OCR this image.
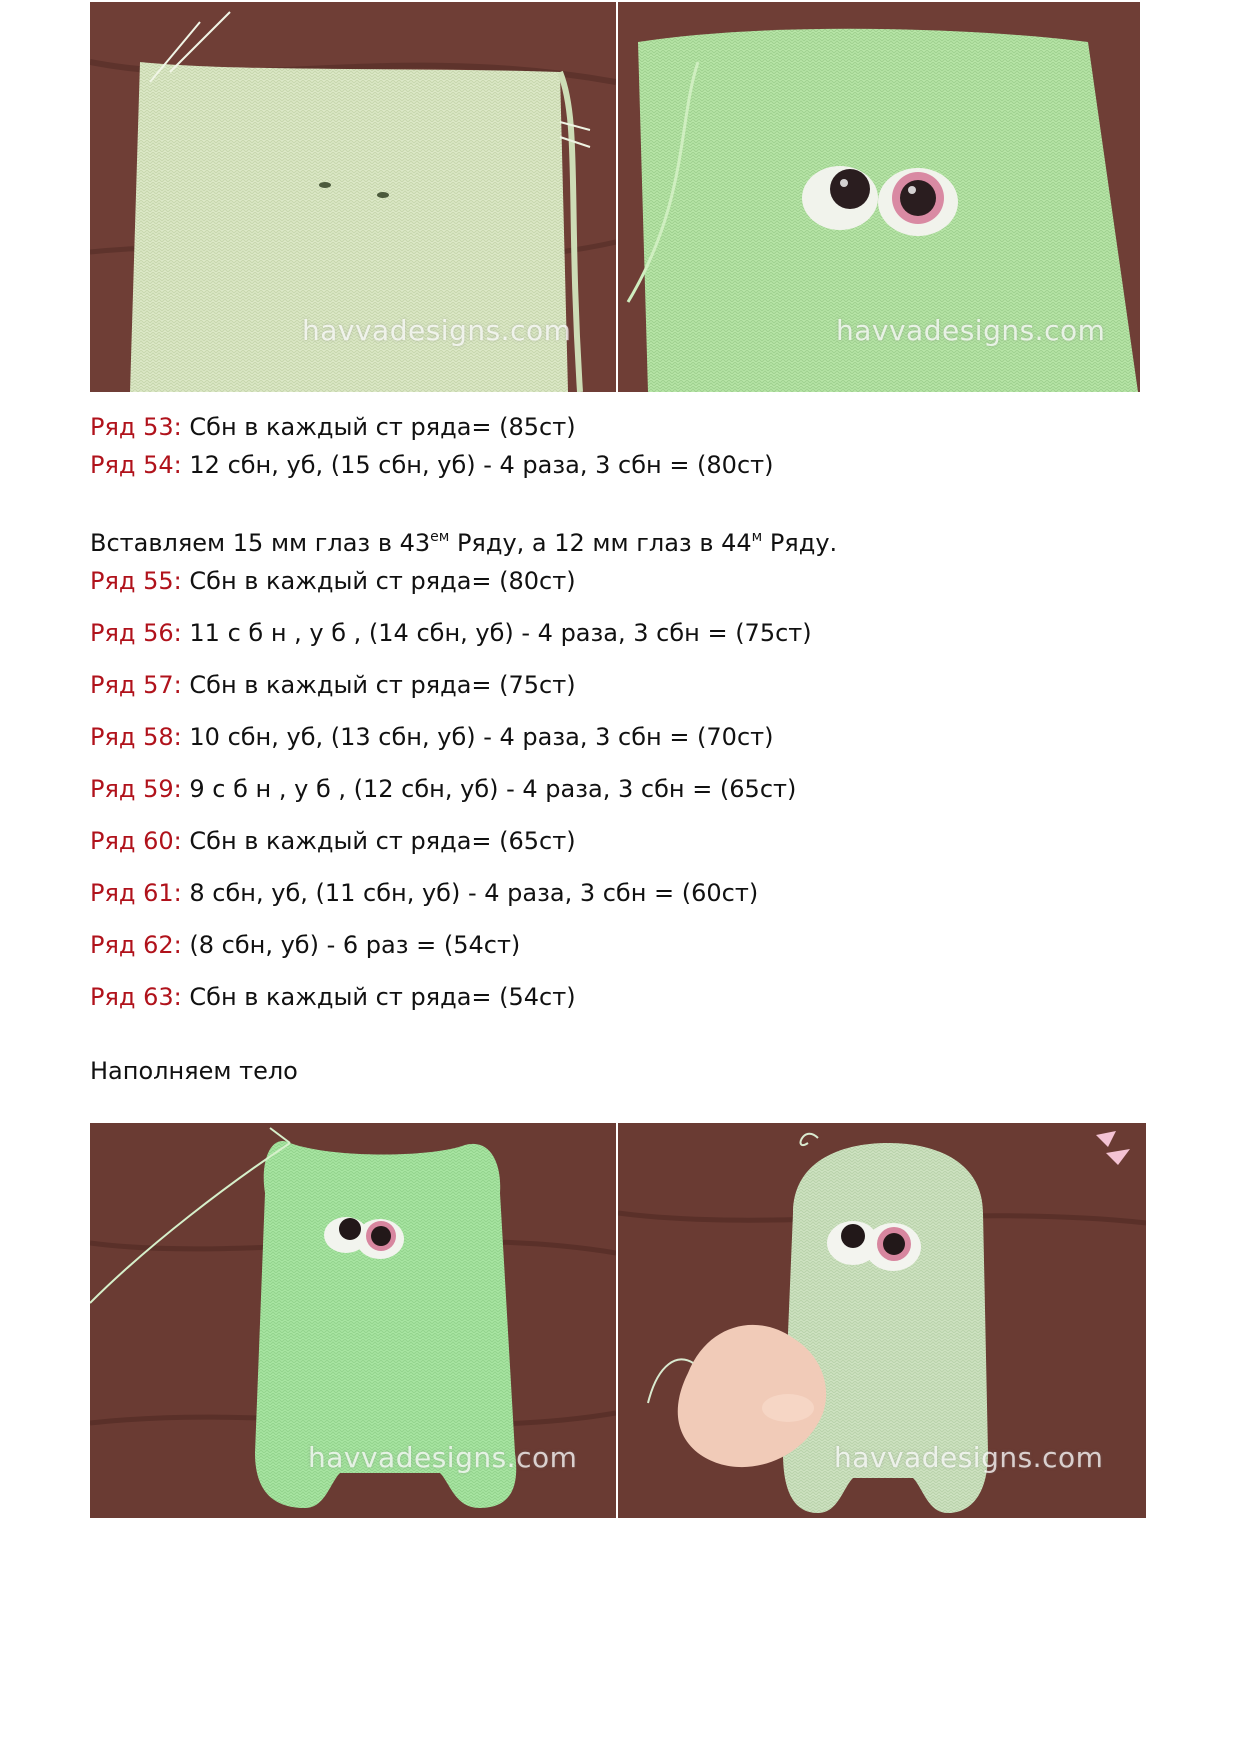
havvadesigns.com	havvadesigns.com
Ряд 53: Сбн в каждый ст ряда= (85ст)
Ряд 54: 12 сбн, уб, (15 сбн, уб) - 4 раза, 3 сбн = (80ст)
Вставляем 15 мм глаз в $43^{ем}$ Ряду, а 12 мм глаз в $44^м$ Ряду.
Ряд 55: Сбн в каждый ст ряда= (80ст)
Ряд 56: 11 с б н , у б , (14 сбн, уб) - 4 раза, 3 сбн = (75ст)
Ряд 57: Сбн в каждый ст ряда= (75ст)
Ряд 58: 10 сбн, уб, (13 сбн, уб) - 4 раза, 3 сбн = (70ст)
Ряд 59: 9 с б н , у б , (12 сбн, уб) - 4 раза, 3 сбн = (65ст)
Ряд 60: Сбн в каждый ст ряда= (65ст)
Ряд 61: 8 сбн, уб, (11 сбн, уб) - 4 раза, 3 сбн = (60ст)
Ряд 62: (8 сбн, уб) - 6 раз = (54ст)
Ряд 63: Сбн в каждый ст ряда= (54ст)
Наполняем тело
havvadesigns.com	havvadesigns.com
